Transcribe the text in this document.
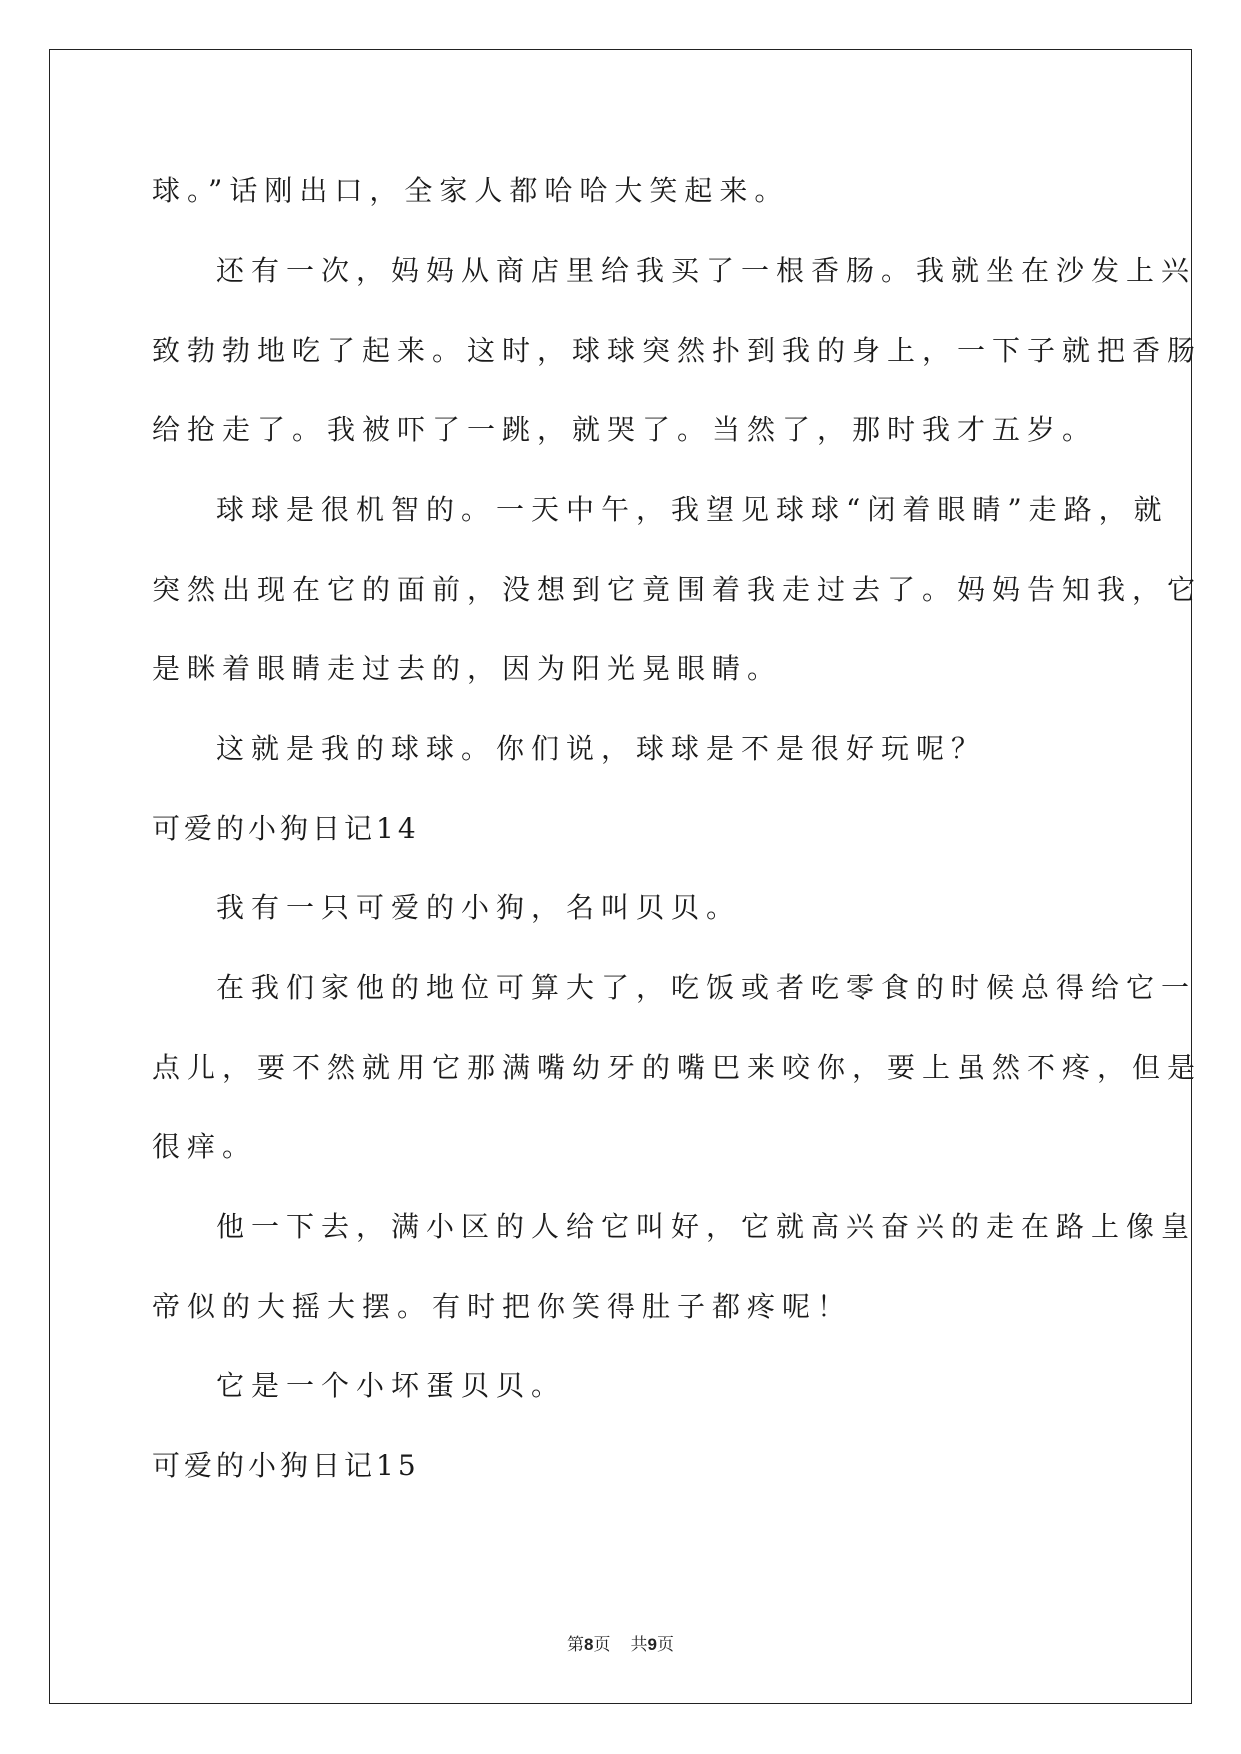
球。”话刚出口，全家人都哈哈大笑起来。
还有一次，妈妈从商店里给我买了一根香肠。我就坐在沙发上兴
致勃勃地吃了起来。这时，球球突然扑到我的身上，一下子就把香肠
给抢走了。我被吓了一跳，就哭了。当然了，那时我才五岁。
球球是很机智的。一天中午，我望见球球“闭着眼睛”走路，就
突然出现在它的面前，没想到它竟围着我走过去了。妈妈告知我，它
是眯着眼睛走过去的，因为阳光晃眼睛。
这就是我的球球。你们说，球球是不是很好玩呢？
可爱的小狗日记14
我有一只可爱的小狗，名叫贝贝。
在我们家他的地位可算大了，吃饭或者吃零食的时候总得给它一
点儿，要不然就用它那满嘴幼牙的嘴巴来咬你，要上虽然不疼，但是
很痒。
他一下去，满小区的人给它叫好，它就高兴奋兴的走在路上像皇
帝似的大摇大摆。有时把你笑得肚子都疼呢！
它是一个小坏蛋贝贝。
可爱的小狗日记15
第8页 共9页
